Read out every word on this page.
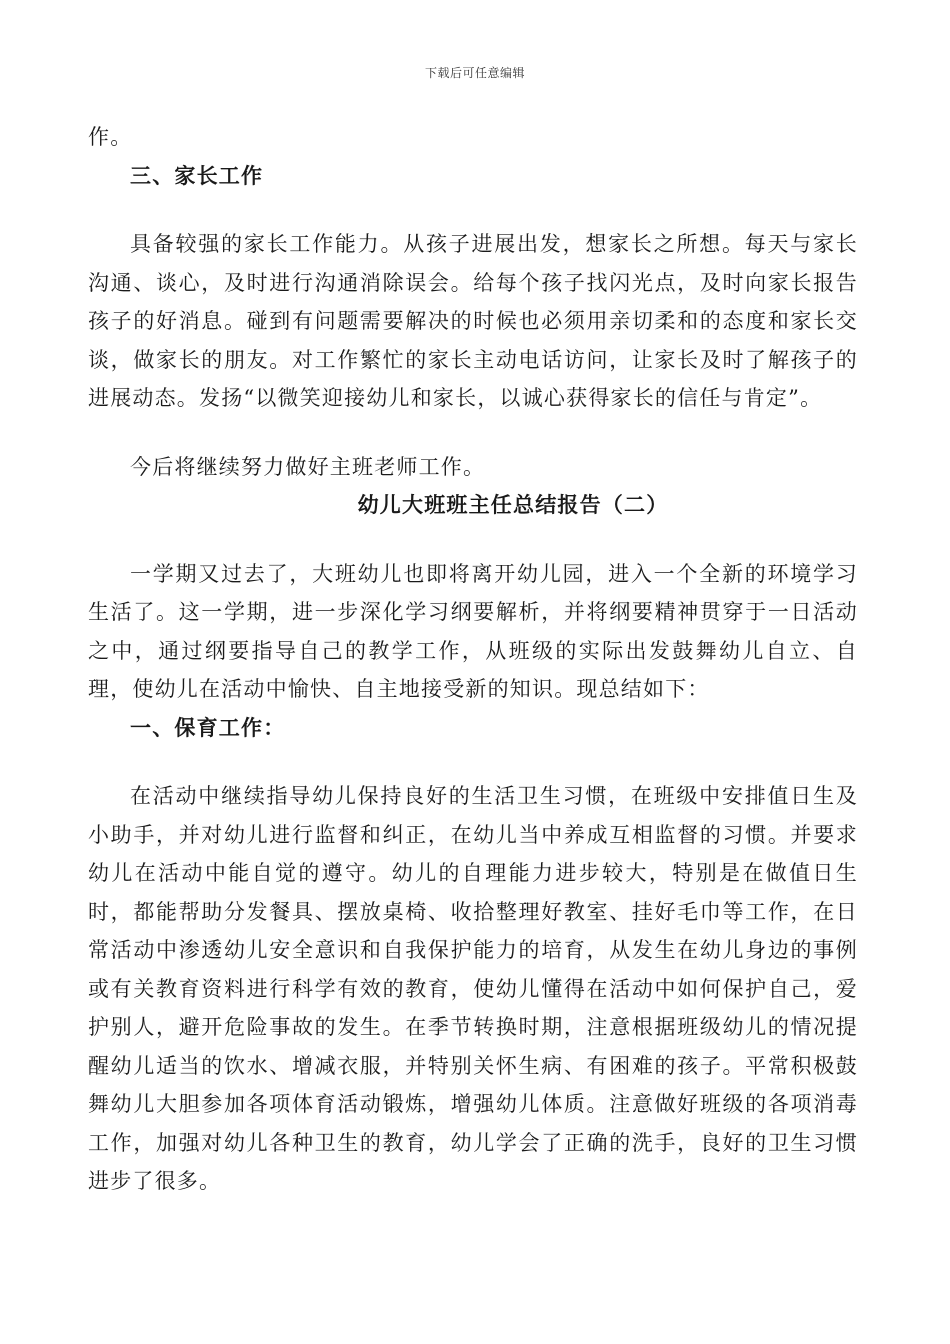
下载后可任意编辑

作。

三、家长工作

具备较强的家长工作能力。从孩子进展出发，想家长之所想。每天与家长沟通、谈心，及时进行沟通消除误会。给每个孩子找闪光点，及时向家长报告孩子的好消息。碰到有问题需要解决的时候也必须用亲切柔和的态度和家长交谈，做家长的朋友。对工作繁忙的家长主动电话访问，让家长及时了解孩子的进展动态。发扬“以微笑迎接幼儿和家长，以诚心获得家长的信任与肯定”。

今后将继续努力做好主班老师工作。

幼儿大班班主任总结报告（二）

一学期又过去了，大班幼儿也即将离开幼儿园，进入一个全新的环境学习生活了。这一学期，进一步深化学习纲要解析，并将纲要精神贯穿于一日活动之中，通过纲要指导自己的教学工作，从班级的实际出发鼓舞幼儿自立、自理，使幼儿在活动中愉快、自主地接受新的知识。现总结如下：

一、保育工作：

在活动中继续指导幼儿保持良好的生活卫生习惯，在班级中安排值日生及小助手，并对幼儿进行监督和纠正，在幼儿当中养成互相监督的习惯。并要求幼儿在活动中能自觉的遵守。幼儿的自理能力进步较大，特别是在做值日生时，都能帮助分发餐具、摆放桌椅、收拾整理好教室、挂好毛巾等工作，在日常活动中渗透幼儿安全意识和自我保护能力的培育，从发生在幼儿身边的事例或有关教育资料进行科学有效的教育，使幼儿懂得在活动中如何保护自己，爱护别人，避开危险事故的发生。在季节转换时期，注意根据班级幼儿的情况提醒幼儿适当的饮水、增减衣服，并特别关怀生病、有困难的孩子。平常积极鼓舞幼儿大胆参加各项体育活动锻炼，增强幼儿体质。注意做好班级的各项消毒工作，加强对幼儿各种卫生的教育，幼儿学会了正确的洗手，良好的卫生习惯进步了很多。
